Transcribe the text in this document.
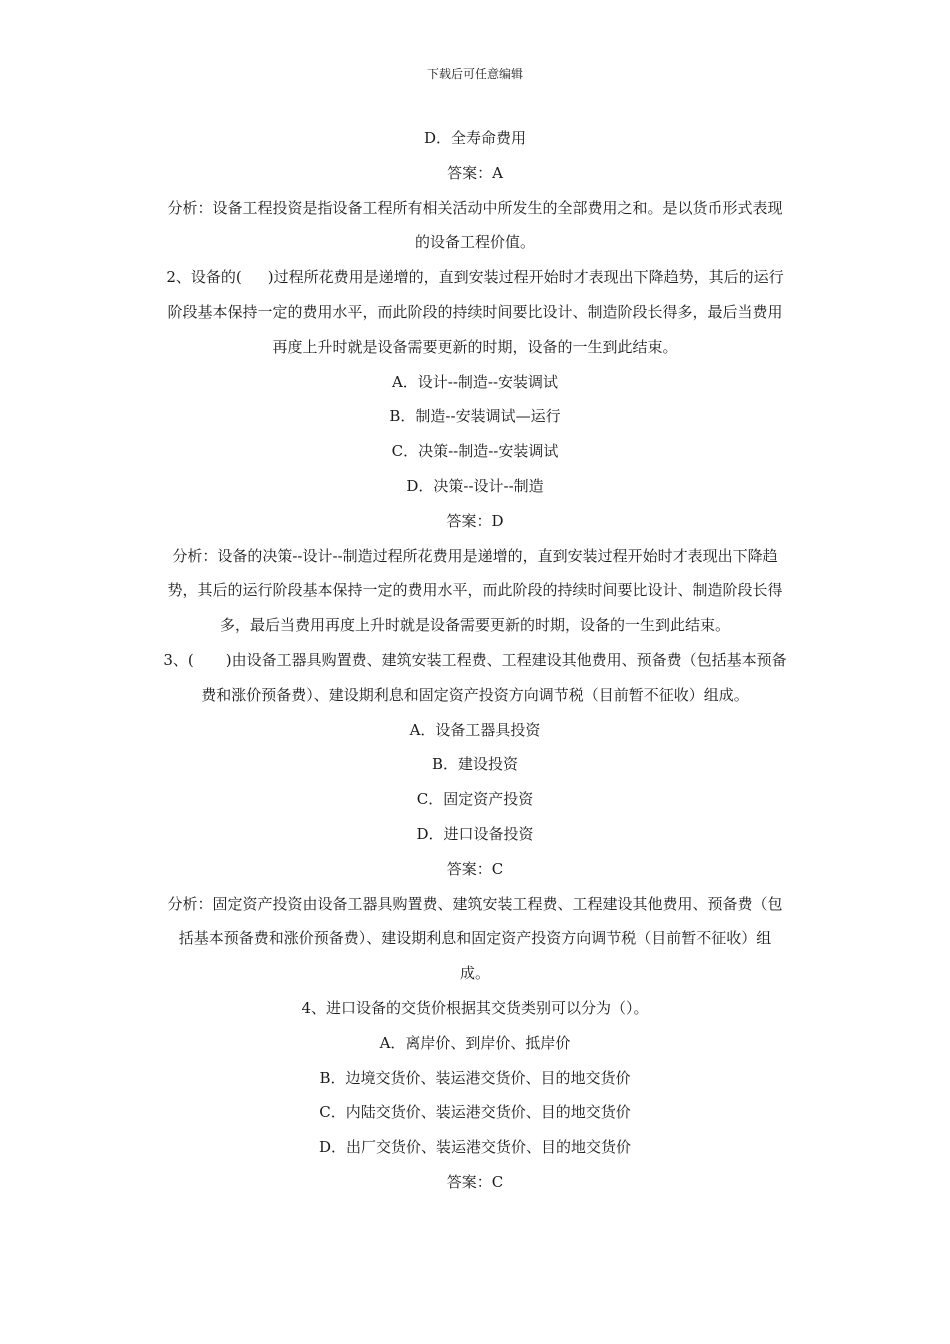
下载后可任意编辑

D．全寿命费用

答案：A

分析：设备工程投资是指设备工程所有相关活动中所发生的全部费用之和。是以货币形式表现

的设备工程价值。

2、设备的( )过程所花费用是递增的，直到安装过程开始时才表现出下降趋势，其后的运行

阶段基本保持一定的费用水平，而此阶段的持续时间要比设计、制造阶段长得多，最后当费用

再度上升时就是设备需要更新的时期，设备的一生到此结束。

A．设计--制造--安装调试

B．制造--安装调试—运行

C．决策--制造--安装调试

D．决策--设计--制造

答案：D

分析：设备的决策--设计--制造过程所花费用是递增的，直到安装过程开始时才表现出下降趋

势，其后的运行阶段基本保持一定的费用水平，而此阶段的持续时间要比设计、制造阶段长得

多，最后当费用再度上升时就是设备需要更新的时期，设备的一生到此结束。

3、( )由设备工器具购置费、建筑安装工程费、工程建设其他费用、预备费（包括基本预备

费和涨价预备费）、建设期利息和固定资产投资方向调节税（目前暂不征收）组成。

A．设备工器具投资

B．建设投资

C．固定资产投资

D．进口设备投资

答案：C

分析：固定资产投资由设备工器具购置费、建筑安装工程费、工程建设其他费用、预备费（包

括基本预备费和涨价预备费）、建设期利息和固定资产投资方向调节税（目前暂不征收）组

成。

4、进口设备的交货价根据其交货类别可以分为（）。

A．离岸价、到岸价、抵岸价

B．边境交货价、装运港交货价、目的地交货价

C．内陆交货价、装运港交货价、目的地交货价

D．出厂交货价、装运港交货价、目的地交货价

答案：C
